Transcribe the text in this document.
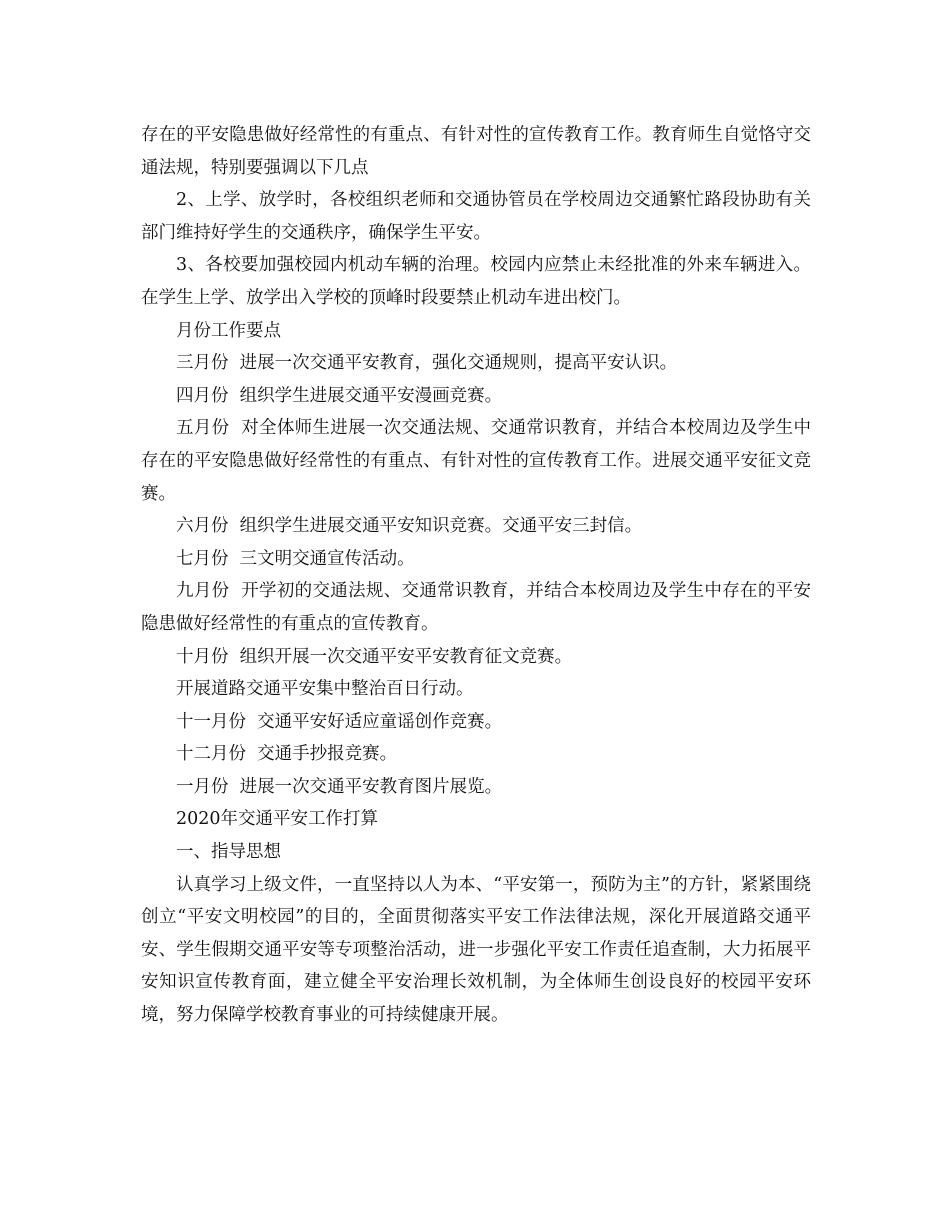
存在的平安隐患做好经常性的有重点、有针对性的宣传教育工作。教育师生自觉恪守交通法规，特别要强调以下几点

2、上学、放学时，各校组织老师和交通协管员在学校周边交通繁忙路段协助有关部门维持好学生的交通秩序，确保学生平安。

3、各校要加强校园内机动车辆的治理。校园内应禁止未经批准的外来车辆进入。在学生上学、放学出入学校的顶峰时段要禁止机动车进出校门。

月份工作要点

三月份  进展一次交通平安教育，强化交通规则，提高平安认识。

四月份  组织学生进展交通平安漫画竞赛。

五月份  对全体师生进展一次交通法规、交通常识教育，并结合本校周边及学生中存在的平安隐患做好经常性的有重点、有针对性的宣传教育工作。进展交通平安征文竞赛。

六月份  组织学生进展交通平安知识竞赛。交通平安三封信。

七月份  三文明交通宣传活动。

九月份  开学初的交通法规、交通常识教育，并结合本校周边及学生中存在的平安隐患做好经常性的有重点的宣传教育。

十月份  组织开展一次交通平安平安教育征文竞赛。

开展道路交通平安集中整治百日行动。

十一月份  交通平安好适应童谣创作竞赛。

十二月份  交通手抄报竞赛。

一月份  进展一次交通平安教育图片展览。

2020年交通平安工作打算

一、指导思想

认真学习上级文件，一直坚持以人为本、“平安第一，预防为主”的方针，紧紧围绕创立“平安文明校园”的目的，全面贯彻落实平安工作法律法规，深化开展道路交通平安、学生假期交通平安等专项整治活动，进一步强化平安工作责任追查制，大力拓展平安知识宣传教育面，建立健全平安治理长效机制，为全体师生创设良好的校园平安环境，努力保障学校教育事业的可持续健康开展。
